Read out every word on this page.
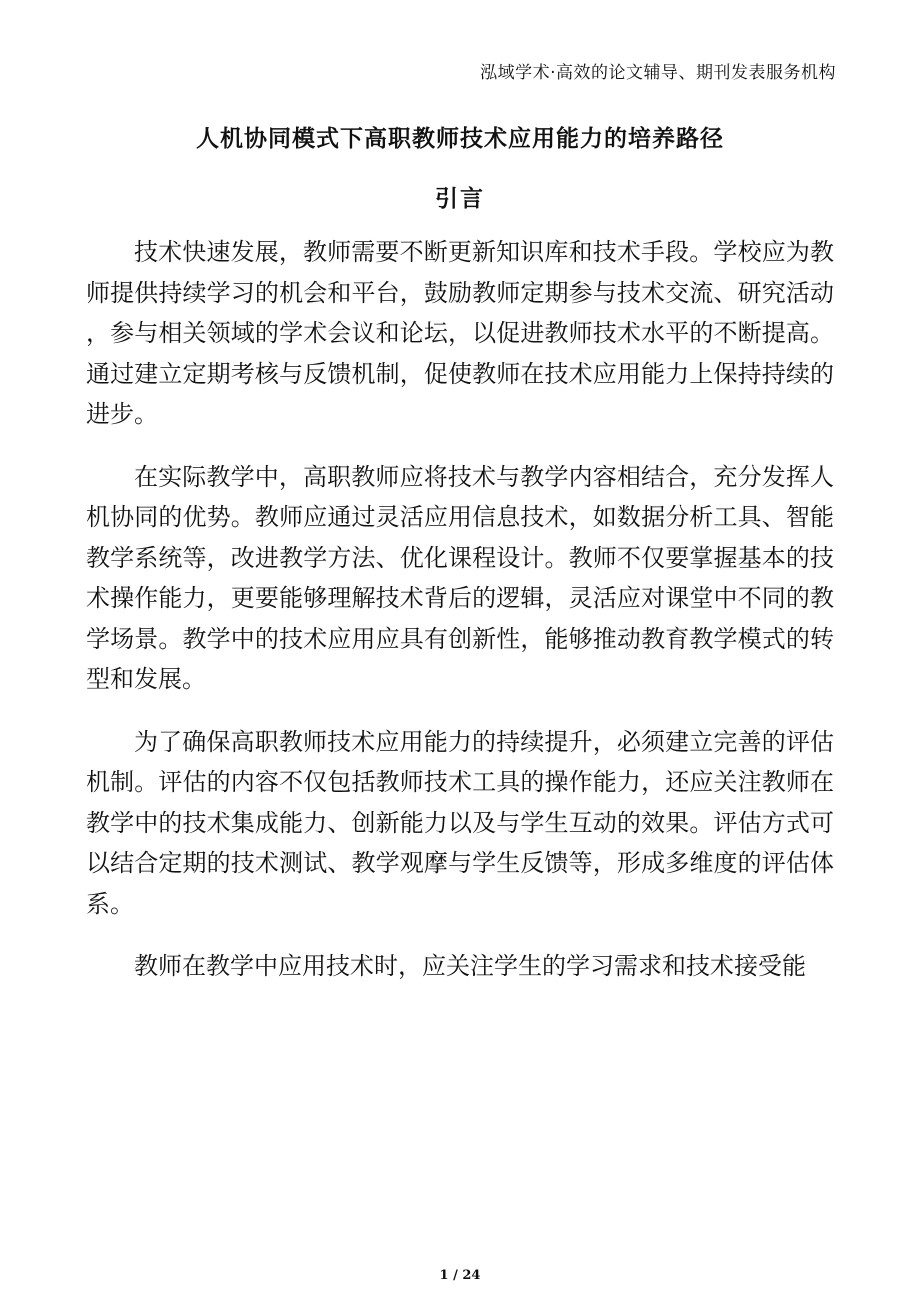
泓域学术·高效的论文辅导、期刊发表服务机构
人机协同模式下高职教师技术应用能力的培养路径
引言

技术快速发展，教师需要不断更新知识库和技术手段。学校应为教师提供持续学习的机会和平台，鼓励教师定期参与技术交流、研究活动，参与相关领域的学术会议和论坛，以促进教师技术水平的不断提高。通过建立定期考核与反馈机制，促使教师在技术应用能力上保持持续的进步。

在实际教学中，高职教师应将技术与教学内容相结合，充分发挥人机协同的优势。教师应通过灵活应用信息技术，如数据分析工具、智能教学系统等，改进教学方法、优化课程设计。教师不仅要掌握基本的技术操作能力，更要能够理解技术背后的逻辑，灵活应对课堂中不同的教学场景。教学中的技术应用应具有创新性，能够推动教育教学模式的转型和发展。

为了确保高职教师技术应用能力的持续提升，必须建立完善的评估机制。评估的内容不仅包括教师技术工具的操作能力，还应关注教师在教学中的技术集成能力、创新能力以及与学生互动的效果。评估方式可以结合定期的技术测试、教学观摩与学生反馈等，形成多维度的评估体系。

教师在教学中应用技术时，应关注学生的学习需求和技术接受能

1 / 24
